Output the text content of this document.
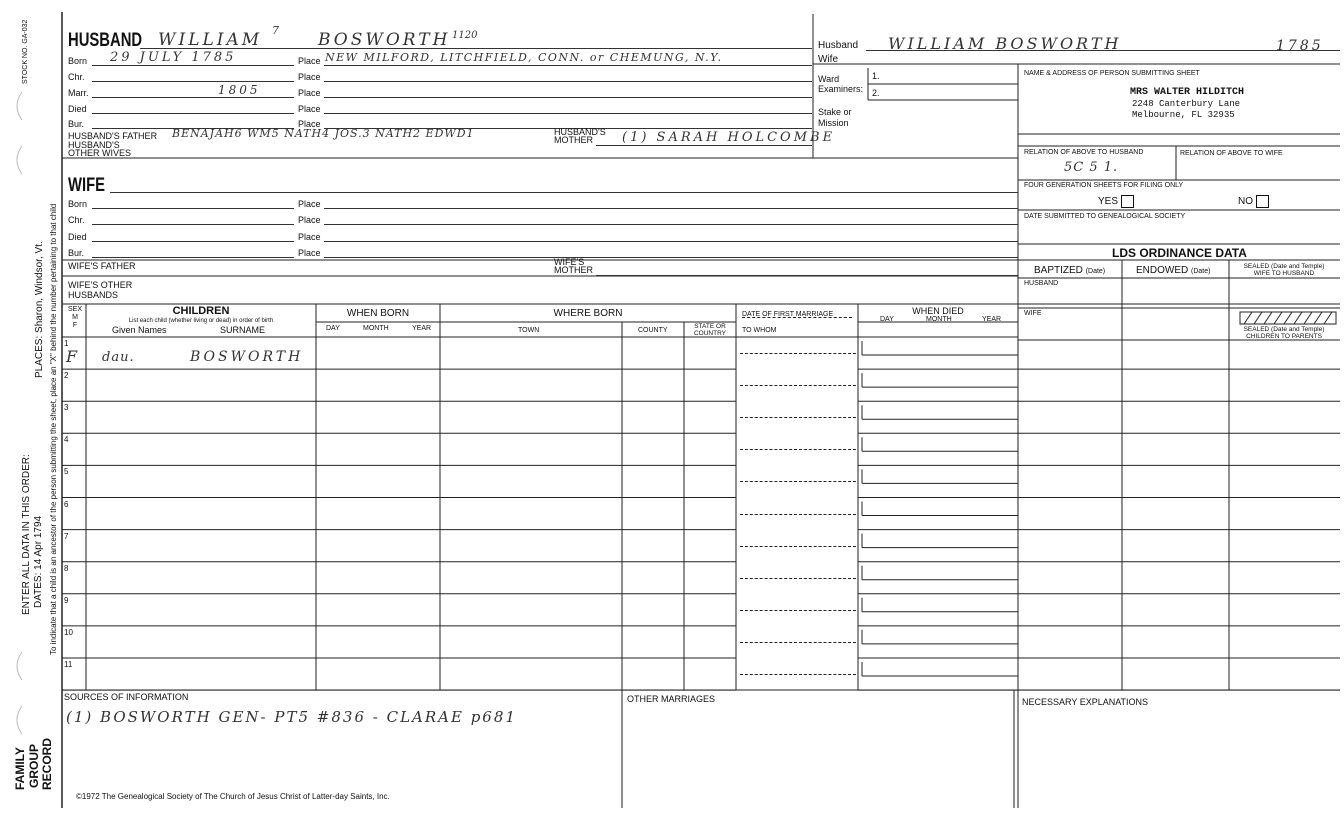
STOCK NO. GA-032
PLACES: Sharon, Windsor, Vt. To indicate that a child is an ancestor of the person submitting the sheet, place an "X" behind the number pertaining to that child
ENTER ALL DATA IN THIS ORDER: DATES: 14 Apr 1794
FAMILY GROUP RECORD
HUSBAND WILLIAM 7 BOSWORTH 1120
Born 29 JULY 1785	Place NEW MILFORD, LITCHFIELD, CONN. or CHEMUNG, N.Y.
Chr.	Place
Marr.	1805	Place
Died	Place
Bur.	Place
HUSBAND'S FATHER BENAJAH6 WM5 NATH4 JOS.3 NATH2 EDWD1	HUSBAND'S
MOTHER	(1) SARAH HOLCOMBE
HUSBAND'S
OTHER WIVES
WIFE
Born	Place
Chr.	Place
Died	Place
Bur.	Place
WIFE'S FATHER	WIFE'S
MOTHER
WIFE'S OTHER
HUSBANDS
Husband WILLIAM BOSWORTH	1785
Wife
Ward
Examiners:
1.
2.
Stake or
Mission
NAME & ADDRESS OF PERSON SUBMITTING SHEET
MRS WALTER HILDITCH
2248 Canterbury Lane
Melbourne, FL 32935
RELATION OF ABOVE TO HUSBAND	RELATION OF ABOVE TO WIFE
5C 5 1.
FOUR GENERATION SHEETS FOR FILING ONLY
YES	NO
DATE SUBMITTED TO GENEALOGICAL SOCIETY
LDS ORDINANCE DATA
BAPTIZED (Date)	ENDOWED (Date)
SEALED (Date and Temple)
WIFE TO HUSBAND
HUSBAND
WIFE
SEALED (Date and Temple)
CHILDREN TO PARENTS
SEX
M
F
CHILDREN
List each child (whether living or dead) in order of birth
Given Names	SURNAME
WHEN BORN
DAY	MONTH	YEAR
WHERE BORN
TOWN	COUNTY
STATE OR
COUNTRY
DATE OF FIRST MARRIAGE
TO WHOM
WHEN DIED
DAY	MONTH	YEAR
1
F dau.	BOSWORTH
2
3
4
5
6
7
8
9
10
11
SOURCES OF INFORMATION
(1) BOSWORTH GEN- PT5 #836 - CLARAE p681
OTHER MARRIAGES	NECESSARY EXPLANATIONS
©1972 The Genealogical Society of The Church of Jesus Christ of Latter-day Saints, Inc.
